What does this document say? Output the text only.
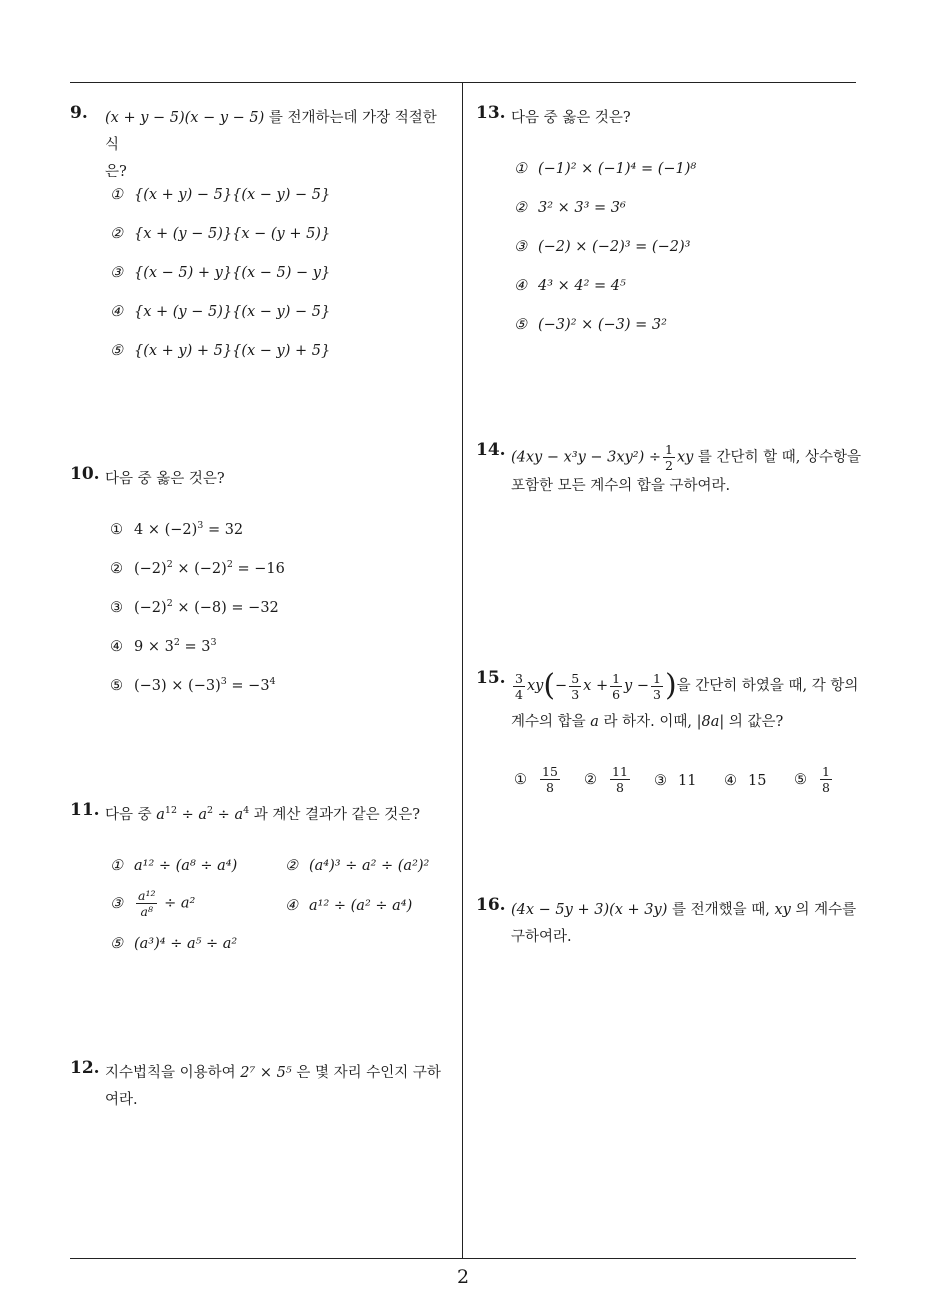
9. (x + y − 5)(x − y − 5) 를 전개하는데 가장 적절한 식
은?
① {(x + y) − 5}{(x − y) − 5}
② {x + (y − 5)}{x − (y + 5)}
③ {(x − 5) + y}{(x − 5) − y}
④ {x + (y − 5)}{(x − y) − 5}
⑤ {(x + y) + 5}{(x − y) + 5}
10. 다음 중 옳은 것은?
① $4 \times (-2)^3 = 32$
② $(-2)^2 \times (-2)^2 = -16$
③ $(-2)^2 \times (-8) = -32$
④ $9 \times 3^2 = 3^3$
⑤ $(-3) \times (-3)^3 = -3^4$
11. 다음 중 $a^{12} \div a^2 \div a^4$ 과 계산 결과가 같은 것은?
① a¹² ÷ (a⁸ ÷ a⁴)	② (a⁴)³ ÷ a² ÷ (a²)²
③ $\frac{\text{a¹²}}{\text{a⁸}} \div a^2$	④ a¹² ÷ (a² ÷ a⁴)
⑤ (a³)⁴ ÷ a⁵ ÷ a²
12. 지수법칙을 이용하여 2⁷ × 5⁵ 은 몇 자리 수인지 구하
여라.
13. 다음 중 옳은 것은?
① (−1)² × (−1)⁴ = (−1)⁸
② 3² × 3³ = 3⁶
③ (−2) × (−2)³ = (−2)³
④ 4³ × 4² = 4⁵
⑤ (−3)² × (−3) = 3²
14. $(4xy - x^3y - 3xy^2) \div \frac{1}{2}$ xy 를 간단히 할 때, 상수항을
포함한 모든 계수의 합을 구하여라.
15. $\frac{3}{4} xy(- \frac{5}{3}$ $x + \frac{1}{6}$ $y - \frac{1}{3}$ )을 간단히 하였을 때, 각 항의
계수의 합을 a 라 하자. 이때, |8a| 의 값은?
① $\frac{15}{8}$ ② $\frac{11}{8}$ ③ 11 ④ 15 ⑤ $\frac{1}{8}$
16. (4x − 5y + 3)(x + 3y) 를 전개했을 때, xy 의 계수를
구하여라.
2
